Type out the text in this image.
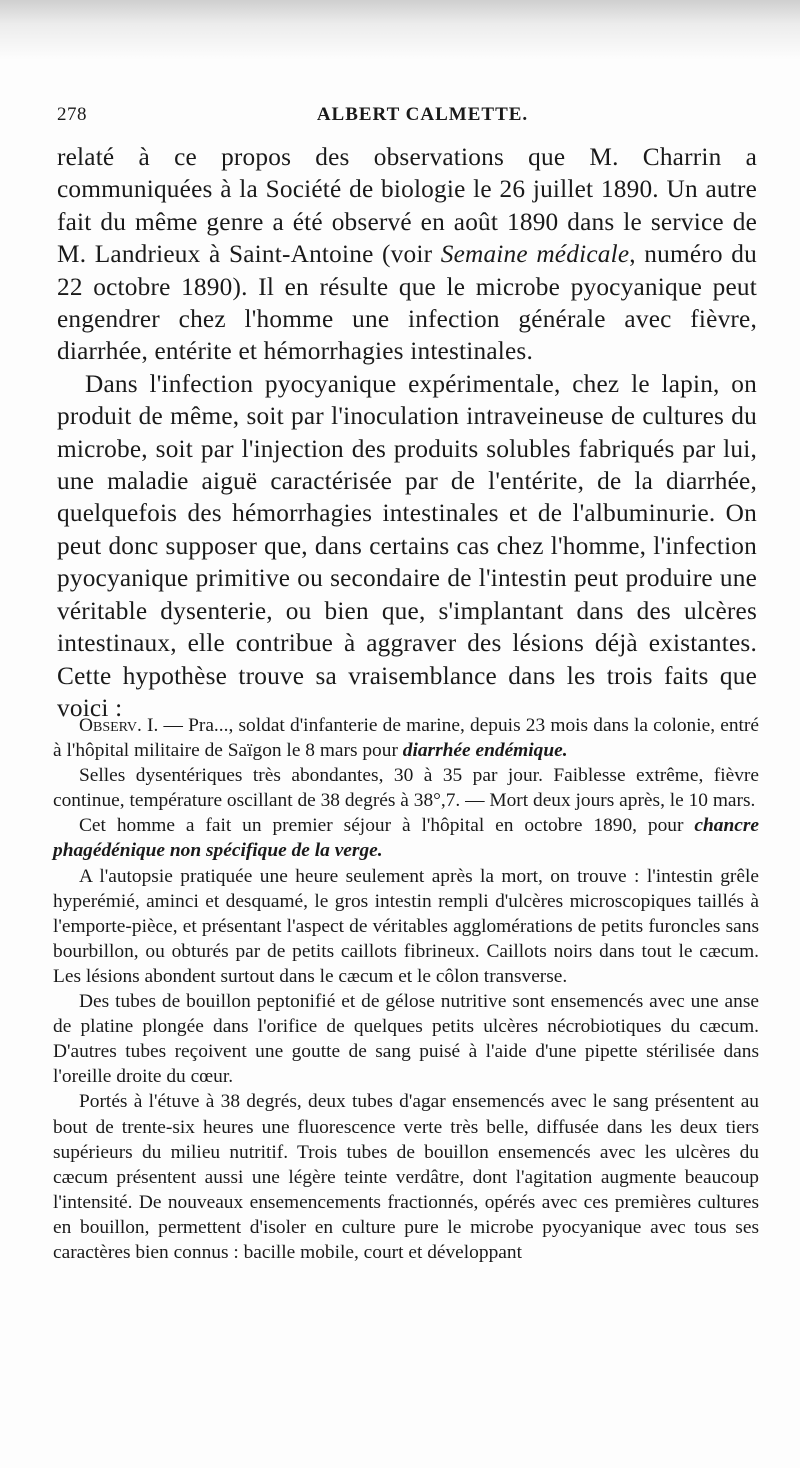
278	ALBERT CALMETTE.

relaté à ce propos des observations que M. Charrin a communiquées à la Société de biologie le 26 juillet 1890. Un autre fait du même genre a été observé en août 1890 dans le service de M. Landrieux à Saint-Antoine (voir Semaine médicale, numéro du 22 octobre 1890). Il en résulte que le microbe pyocyanique peut engendrer chez l'homme une infection générale avec fièvre, diarrhée, entérite et hémorrhagies intestinales.

Dans l'infection pyocyanique expérimentale, chez le lapin, on produit de même, soit par l'inoculation intraveineuse de cultures du microbe, soit par l'injection des produits solubles fabriqués par lui, une maladie aiguë caractérisée par de l'entérite, de la diarrhée, quelquefois des hémorrhagies intestinales et de l'albuminurie. On peut donc supposer que, dans certains cas chez l'homme, l'infection pyocyanique primitive ou secondaire de l'intestin peut produire une véritable dysenterie, ou bien que, s'implantant dans des ulcères intestinaux, elle contribue à aggraver des lésions déjà existantes. Cette hypothèse trouve sa vraisemblance dans les trois faits que voici :

Observ. I. — Pra..., soldat d'infanterie de marine, depuis 23 mois dans la colonie, entré à l'hôpital militaire de Saïgon le 8 mars pour diarrhée endémique.

Selles dysentériques très abondantes, 30 à 35 par jour. Faiblesse extrême, fièvre continue, température oscillant de 38 degrés à 38°,7. — Mort deux jours après, le 10 mars.

Cet homme a fait un premier séjour à l'hôpital en octobre 1890, pour chancre phagédénique non spécifique de la verge.

A l'autopsie pratiquée une heure seulement après la mort, on trouve : l'intestin grêle hyperémié, aminci et desquamé, le gros intestin rempli d'ulcères microscopiques taillés à l'emporte-pièce, et présentant l'aspect de véritables agglomérations de petits furoncles sans bourbillon, ou obturés par de petits caillots fibrineux. Caillots noirs dans tout le cæcum. Les lésions abondent surtout dans le cæcum et le côlon transverse.

Des tubes de bouillon peptonifié et de gélose nutritive sont ensemencés avec une anse de platine plongée dans l'orifice de quelques petits ulcères nécrobiotiques du cæcum. D'autres tubes reçoivent une goutte de sang puisé à l'aide d'une pipette stérilisée dans l'oreille droite du cœur.

Portés à l'étuve à 38 degrés, deux tubes d'agar ensemencés avec le sang présentent au bout de trente-six heures une fluorescence verte très belle, diffusée dans les deux tiers supérieurs du milieu nutritif. Trois tubes de bouillon ensemencés avec les ulcères du cæcum présentent aussi une légère teinte verdâtre, dont l'agitation augmente beaucoup l'intensité. De nouveaux ensemencements fractionnés, opérés avec ces premières cultures en bouillon, permettent d'isoler en culture pure le microbe pyocyanique avec tous ses caractères bien connus : bacille mobile, court et développant
